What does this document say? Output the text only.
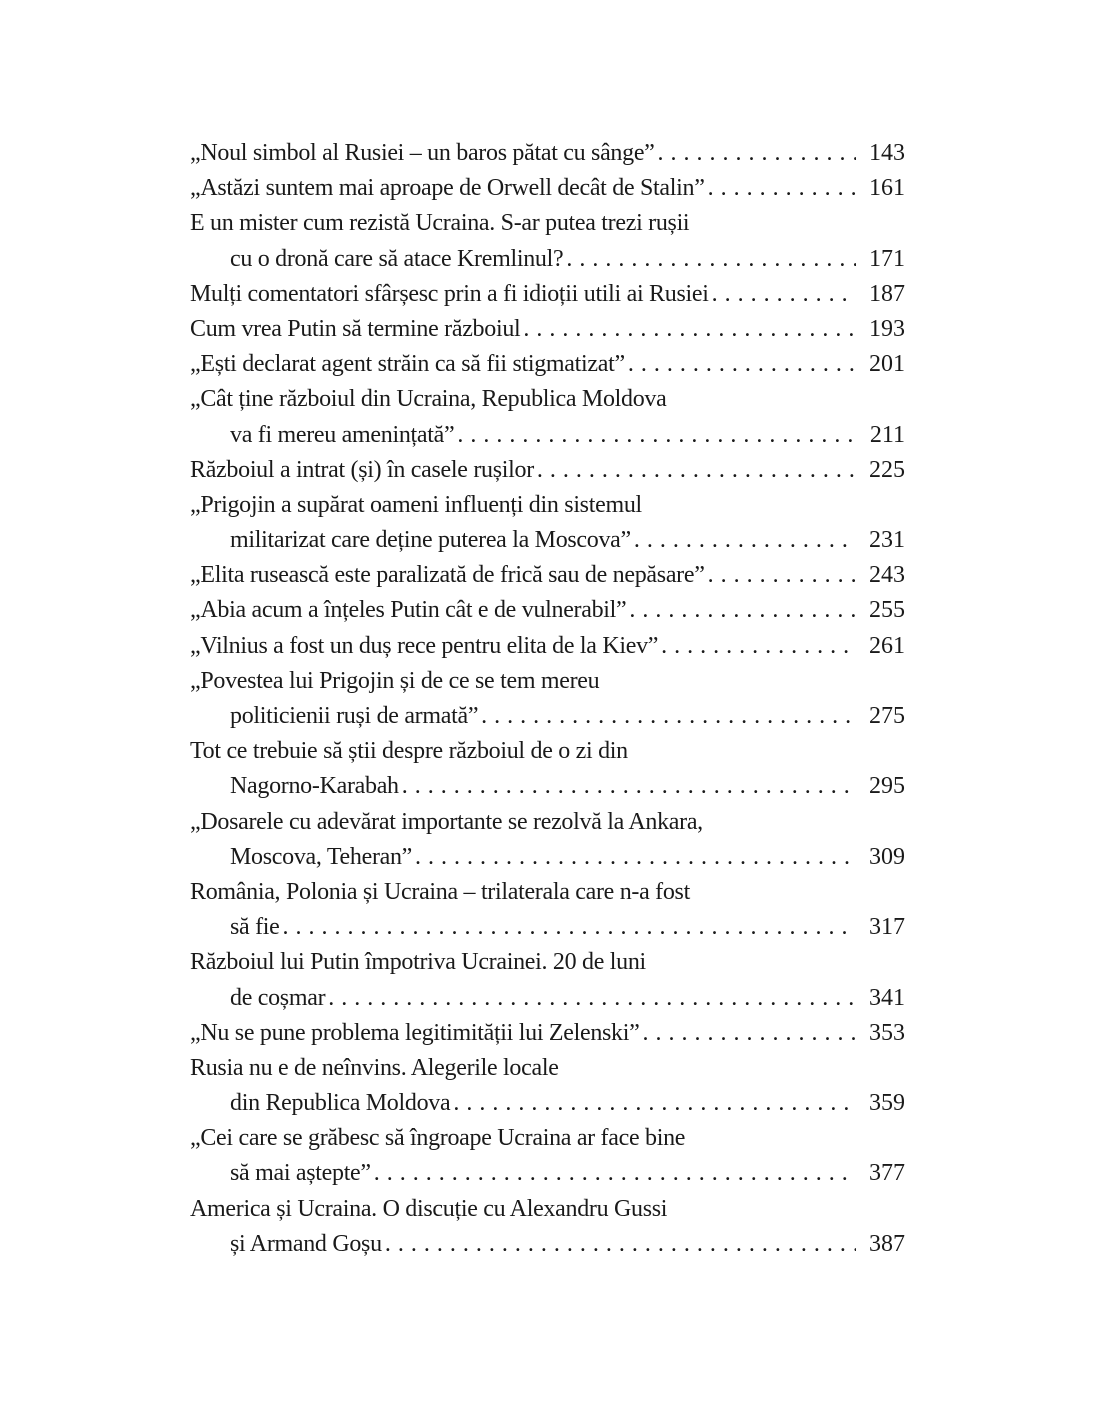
„Noul simbol al Rusiei – un baros pătat cu sânge” . . .	143
„Astăzi suntem mai aproape de Orwell decât de Stalin” . . .	161
E un mister cum rezistă Ucraina. S-ar putea trezi rușii
cu o dronă care să atace Kremlinul? . . .	171
Mulți comentatori sfârșesc prin a fi idioții utili ai Rusiei . . .	187
Cum vrea Putin să termine războiul . . .	193
„Ești declarat agent străin ca să fii stigmatizat” . . .	201
„Cât ține războiul din Ucraina, Republica Moldova
va fi mereu amenințată” . . .	211
Războiul a intrat (și) în casele rușilor . . .	225
„Prigojin a supărat oameni influenți din sistemul
militarizat care deține puterea la Moscova” . . .	231
„Elita rusească este paralizată de frică sau de nepăsare” . . .	243
„Abia acum a înțeles Putin cât e de vulnerabil” . . .	255
„Vilnius a fost un duș rece pentru elita de la Kiev” . . .	261
„Povestea lui Prigojin și de ce se tem mereu
politicienii ruși de armată” . . .	275
Tot ce trebuie să știi despre războiul de o zi din
Nagorno-Karabah . . .	295
„Dosarele cu adevărat importante se rezolvă la Ankara,
Moscova, Teheran” . . .	309
România, Polonia și Ucraina – trilaterala care n-a fost
să fie . . .	317
Războiul lui Putin împotriva Ucrainei. 20 de luni
de coșmar . . .	341
„Nu se pune problema legitimității lui Zelenski” . . .	353
Rusia nu e de neînvins. Alegerile locale
din Republica Moldova . . .	359
„Cei care se grăbesc să îngroape Ucraina ar face bine
să mai aștepte” . . .	377
America și Ucraina. O discuție cu Alexandru Gussi
și Armand Goșu . . .	387
